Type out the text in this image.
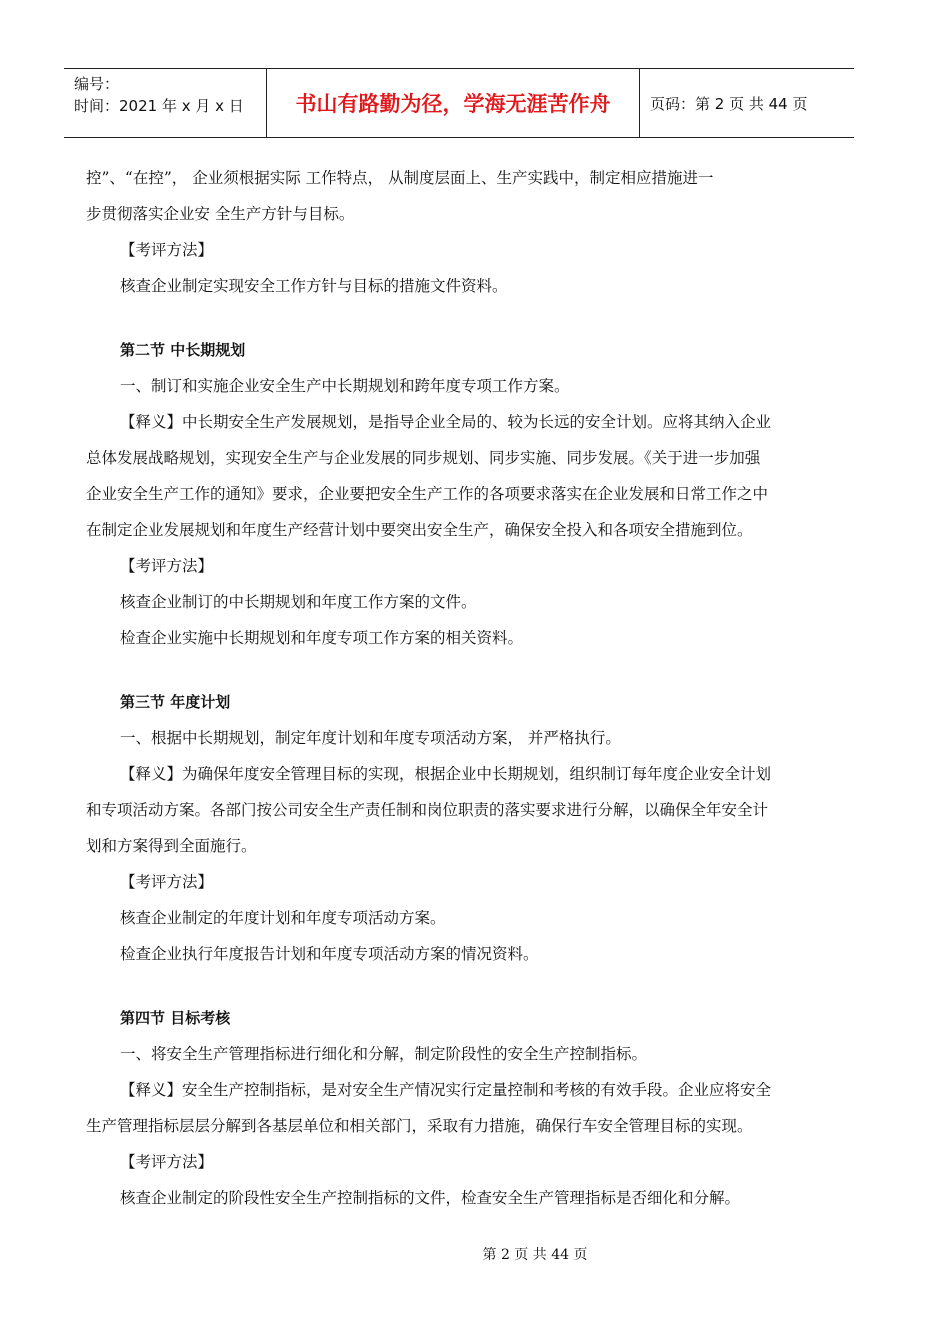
编号：
时间：2021 年 x 月 x 日	书山有路勤为径，学海无涯苦作舟	页码：第 2 页 共 44 页

控”、“在控”， 企业须根据实际 工作特点， 从制度层面上、生产实践中，制定相应措施进一

步贯彻落实企业安 全生产方针与目标。

【考评方法】

核查企业制定实现安全工作方针与目标的措施文件资料。

第二节 中长期规划

一、制订和实施企业安全生产中长期规划和跨年度专项工作方案。

【释义】中长期安全生产发展规划，是指导企业全局的、较为长远的安全计划。应将其纳入企业

总体发展战略规划，实现安全生产与企业发展的同步规划、同步实施、同步发展。《关于进一步加强

企业安全生产工作的通知》要求，企业要把安全生产工作的各项要求落实在企业发展和日常工作之中

在制定企业发展规划和年度生产经营计划中要突出安全生产，确保安全投入和各项安全措施到位。

【考评方法】

核查企业制订的中长期规划和年度工作方案的文件。

检查企业实施中长期规划和年度专项工作方案的相关资料。

第三节 年度计划

一、根据中长期规划，制定年度计划和年度专项活动方案， 并严格执行。

【释义】为确保年度安全管理目标的实现，根据企业中长期规划，组织制订每年度企业安全计划

和专项活动方案。各部门按公司安全生产责任制和岗位职责的落实要求进行分解，以确保全年安全计

划和方案得到全面施行。

【考评方法】

核查企业制定的年度计划和年度专项活动方案。

检查企业执行年度报告计划和年度专项活动方案的情况资料。

第四节 目标考核

一、将安全生产管理指标进行细化和分解，制定阶段性的安全生产控制指标。

【释义】安全生产控制指标，是对安全生产情况实行定量控制和考核的有效手段。企业应将安全

生产管理指标层层分解到各基层单位和相关部门，采取有力措施，确保行车安全管理目标的实现。

【考评方法】

核查企业制定的阶段性安全生产控制指标的文件，检查安全生产管理指标是否细化和分解。

第 2 页 共 44 页
